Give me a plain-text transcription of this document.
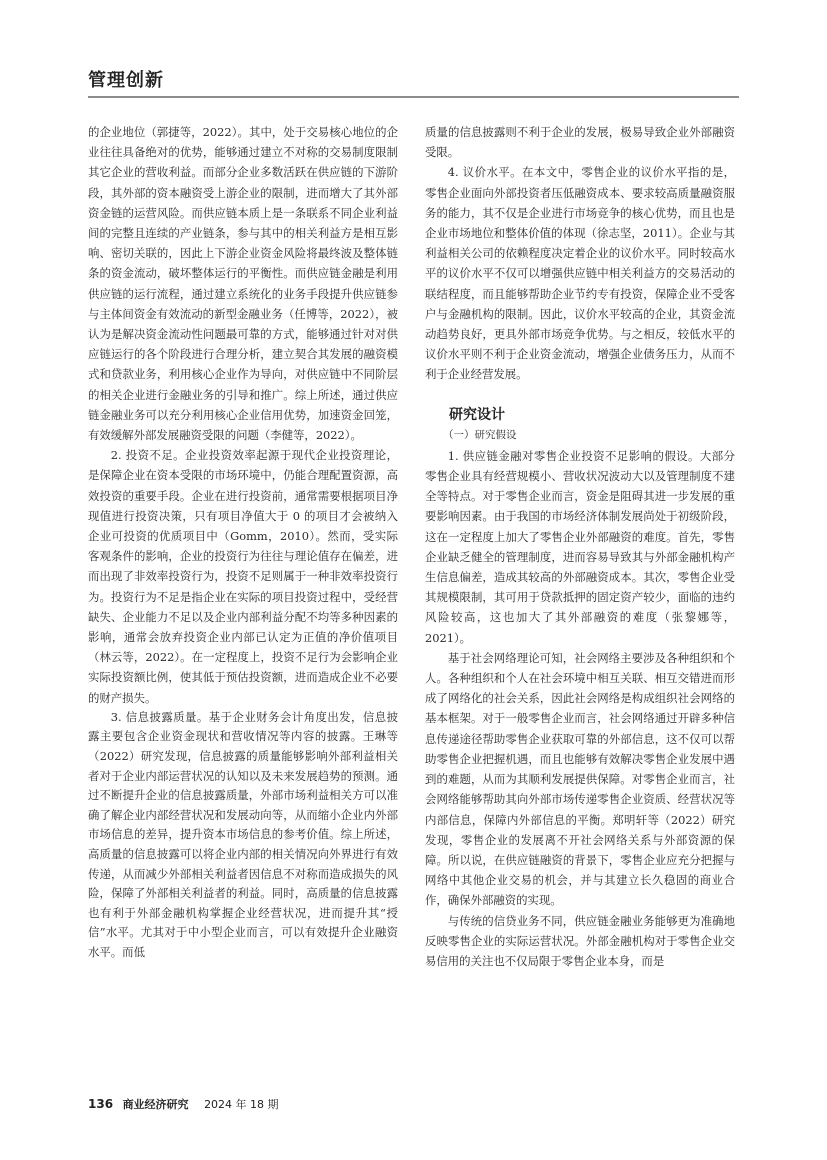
管理创新

的企业地位（郭捷等，2022）。其中，处于交易核心地位的企业往往具备绝对的优势，能够通过建立不对称的交易制度限制其它企业的营收利益。而部分企业多数活跃在供应链的下游阶段，其外部的资本融资受上游企业的限制，进而增大了其外部资金链的运营风险。而供应链本质上是一条联系不同企业利益间的完整且连续的产业链条，参与其中的相关利益方是相互影响、密切关联的，因此上下游企业资金风险将最终波及整体链条的资金流动，破坏整体运行的平衡性。而供应链金融是利用供应链的运行流程，通过建立系统化的业务手段提升供应链参与主体间资金有效流动的新型金融业务（任博等，2022），被认为是解决资金流动性问题最可靠的方式，能够通过针对对供应链运行的各个阶段进行合理分析，建立契合其发展的融资模式和贷款业务，利用核心企业作为导向，对供应链中不同阶层的相关企业进行金融业务的引导和推广。综上所述，通过供应链金融业务可以充分利用核心企业信用优势，加速资金回笼，有效缓解外部发展融资受限的问题（李健等，2022）。

2. 投资不足。企业投资效率起源于现代企业投资理论，是保障企业在资本受限的市场环境中，仍能合理配置资源，高效投资的重要手段。企业在进行投资前，通常需要根据项目净现值进行投资决策，只有项目净值大于 0 的项目才会被纳入企业可投资的优质项目中（Gomm，2010）。然而，受实际客观条件的影响，企业的投资行为往往与理论值存在偏差，进而出现了非效率投资行为，投资不足则属于一种非效率投资行为。投资行为不足是指企业在实际的项目投资过程中，受经营缺失、企业能力不足以及企业内部利益分配不均等多种因素的影响，通常会放弃投资企业内部已认定为正值的净价值项目（林云等，2022）。在一定程度上，投资不足行为会影响企业实际投资额比例，使其低于预估投资额，进而造成企业不必要的财产损失。

3. 信息披露质量。基于企业财务会计角度出发，信息披露主要包含企业资金现状和营收情况等内容的披露。王琳等（2022）研究发现，信息披露的质量能够影响外部利益相关者对于企业内部运营状况的认知以及未来发展趋势的预测。通过不断提升企业的信息披露质量，外部市场利益相关方可以准确了解企业内部经营状况和发展动向等，从而缩小企业内外部市场信息的差异，提升资本市场信息的参考价值。综上所述，高质量的信息披露可以将企业内部的相关情况向外界进行有效传递，从而减少外部相关利益者因信息不对称而造成损失的风险，保障了外部相关利益者的利益。同时，高质量的信息披露也有利于外部金融机构掌握企业经营状况，进而提升其“授信”水平。尤其对于中小型企业而言，可以有效提升企业融资水平。而低

质量的信息披露则不利于企业的发展，极易导致企业外部融资受限。

4. 议价水平。在本文中，零售企业的议价水平指的是，零售企业面向外部投资者压低融资成本、要求较高质量融资服务的能力，其不仅是企业进行市场竞争的核心优势，而且也是企业市场地位和整体价值的体现（徐志坚，2011）。企业与其利益相关公司的依赖程度决定着企业的议价水平。同时较高水平的议价水平不仅可以增强供应链中相关利益方的交易活动的联结程度，而且能够帮助企业节约专有投资，保障企业不受客户与金融机构的限制。因此，议价水平较高的企业，其资金流动趋势良好，更具外部市场竞争优势。与之相反，较低水平的议价水平则不利于企业资金流动，增强企业债务压力，从而不利于企业经营发展。

研究设计
（一）研究假设

1. 供应链金融对零售企业投资不足影响的假设。大部分零售企业具有经营规模小、营收状况波动大以及管理制度不建全等特点。对于零售企业而言，资金是阻碍其进一步发展的重要影响因素。由于我国的市场经济体制发展尚处于初级阶段，这在一定程度上加大了零售企业外部融资的难度。首先，零售企业缺乏健全的管理制度，进而容易导致其与外部金融机构产生信息偏差，造成其较高的外部融资成本。其次，零售企业受其规模限制，其可用于贷款抵押的固定资产较少，面临的违约风险较高，这也加大了其外部融资的难度（张黎娜等，2021）。

基于社会网络理论可知，社会网络主要涉及各种组织和个人。各种组织和个人在社会环境中相互关联、相互交错进而形成了网络化的社会关系，因此社会网络是构成组织社会网络的基本框架。对于一般零售企业而言，社会网络通过开辟多种信息传递途径帮助零售企业获取可靠的外部信息，这不仅可以帮助零售企业把握机遇，而且也能够有效解决零售企业发展中遇到的难题，从而为其顺利发展提供保障。对零售企业而言，社会网络能够帮助其向外部市场传递零售企业资质、经营状况等内部信息，保障内外部信息的平衡。郑明轩等（2022）研究发现，零售企业的发展离不开社会网络关系与外部资源的保障。所以说，在供应链融资的背景下，零售企业应充分把握与网络中其他企业交易的机会，并与其建立长久稳固的商业合作，确保外部融资的实现。

与传统的信贷业务不同，供应链金融业务能够更为准确地反映零售企业的实际运营状况。外部金融机构对于零售企业交易信用的关注也不仅局限于零售企业本身，而是

136 商业经济研究 2024 年 18 期
